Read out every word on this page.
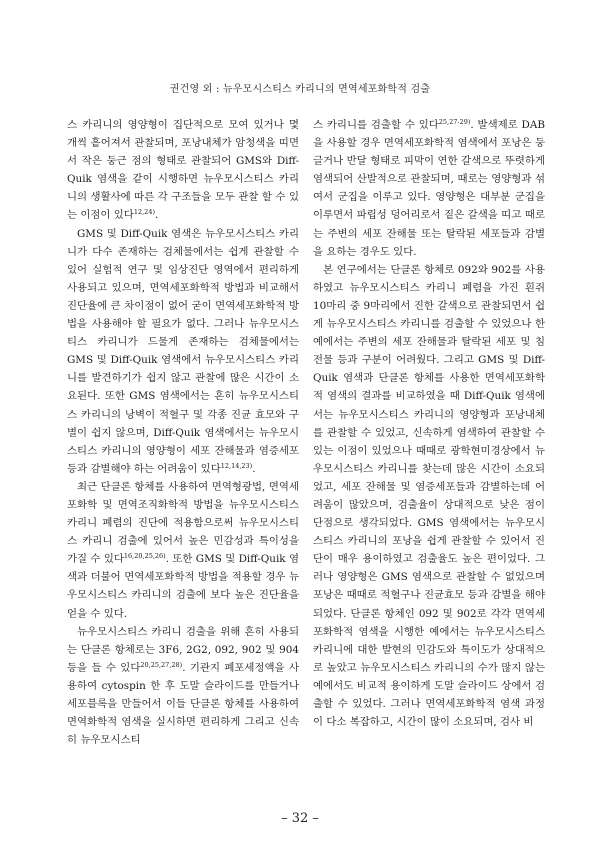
권건영 외 : 뉴우모시스티스 카리니의 면역세포화학적 검출

스 카리니의 영양형이 집단적으로 모여 있거나 몇 개씩 흩어져서 관찰되며, 포낭내체가 암청색을 띠면서 작은 둥근 점의 형태로 관찰되어 GMS와 Diff-Quik 염색을 같이 시행하면 뉴우모시스티스 카리니의 생활사에 따른 각 구조들을 모두 관찰 할 수 있는 이점이 있다$^{12,24)}$.

GMS 및 Diff-Quik 염색은 뉴우모시스티스 카리니가 다수 존재하는 검체물에서는 쉽게 관찰할 수 있어 실험적 연구 및 임상진단 영역에서 편리하게 사용되고 있으며, 면역세포화학적 방법과 비교해서 진단율에 큰 차이점이 없어 굳이 면역세포화학적 방법을 사용해야 할 필요가 없다. 그러나 뉴우모시스티스 카리니가 드물게 존재하는 검체물에서는 GMS 및 Diff-Quik 염색에서 뉴우모시스티스 카리니를 발견하기가 쉽지 않고 관찰에 많은 시간이 소요된다. 또한 GMS 염색에서는 흔히 뉴우모시스티스 카리니의 낭벽이 적혈구 및 각종 진균 효모와 구별이 쉽지 않으며, Diff-Quik 염색에서는 뉴우모시스티스 카리니의 영양형이 세포 잔해물과 염증세포 등과 감별해야 하는 어려움이 있다$^{12,14,23)}$.

최근 단클론 항체를 사용하여 면역형광법, 면역세포화학 및 면역조직화학적 방법을 뉴우모시스티스 카리니 폐렴의 진단에 적용함으로써 뉴우모시스티스 카리니 검출에 있어서 높은 민감성과 특이성을 가질 수 있다$^{16,20,25,26)}$. 또한 GMS 및 Diff-Quik 염색과 더불어 면역세포화학적 방법을 적용할 경우 뉴우모시스티스 카리니의 검출에 보다 높은 진단율을 얻을 수 있다.

뉴우모시스티스 카리니 검출을 위해 흔히 사용되는 단클론 항체로는 3F6, 2G2, 092, 902 및 904 등을 들 수 있다$^{20,25,27,28)}$. 기관지 폐포세정액을 사용하여 cytospin 한 후 도말 슬라이드를 만들거나 세포블록을 만들어서 이들 단클론 항체를 사용하여 면역화학적 염색을 실시하면 편리하게 그리고 신속히 뉴우모시스티

스 카리니를 검출할 수 있다$^{25,27-29)}$. 발색제로 DAB을 사용할 경우 면역세포화학적 염색에서 포낭은 둥글거나 반달 형태로 피막이 연한 갈색으로 뚜렷하게 염색되어 산발적으로 관찰되며, 때로는 영양형과 섞여서 군집을 이루고 있다. 영양형은 대부분 군집을 이루면서 파립성 덩어리로서 짙은 갈색을 띠고 때로는 주변의 세포 잔해물 또는 탈락된 세포들과 감별을 요하는 경우도 있다.

본 연구에서는 단클론 항체로 092와 902를 사용하였고 뉴우모시스티스 카리니 폐렴을 가진 흰쥐 10마리 중 9마리에서 진한 갈색으로 관찰되면서 쉽게 뉴우모시스티스 카리니를 검출할 수 있었으나 한 예에서는 주변의 세포 잔해물과 탈락된 세포 및 침전물 등과 구분이 어려웠다. 그리고 GMS 및 Diff-Quik 염색과 단클론 항체를 사용한 면역세포화학적 염색의 결과를 비교하였을 때 Diff-Quik 염색에서는 뉴우모시스티스 카리니의 영양형과 포낭내체를 관찰할 수 있었고, 신속하게 염색하여 관찰할 수 있는 이점이 있었으나 때때로 광학현미경상에서 뉴우모시스티스 카리니를 찾는데 많은 시간이 소요되었고, 세포 잔해물 및 염증세포들과 감별하는데 어려움이 많았으며, 검출율이 상대적으로 낮은 점이 단점으로 생각되었다. GMS 염색에서는 뉴우모시스티스 카리니의 포낭을 쉽게 관찰할 수 있어서 진단이 매우 용이하였고 검출율도 높은 편이었다. 그러나 영양형은 GMS 염색으로 관찰할 수 없었으며 포낭은 때때로 적혈구나 진균효모 등과 감별을 해야 되었다. 단클론 항체인 092 및 902로 각각 면역세포화학적 염색을 시행한 예에서는 뉴우모시스티스 카리니에 대한 발현의 민감도와 특이도가 상대적으로 높았고 뉴우모시스티스 카리니의 수가 많지 않는 예에서도 비교적 용이하게 도말 슬라이드 상에서 검출할 수 있었다. 그러나 면역세포화학적 염색 과정이 다소 복잡하고, 시간이 많이 소요되며, 검사 비

– 32 –
